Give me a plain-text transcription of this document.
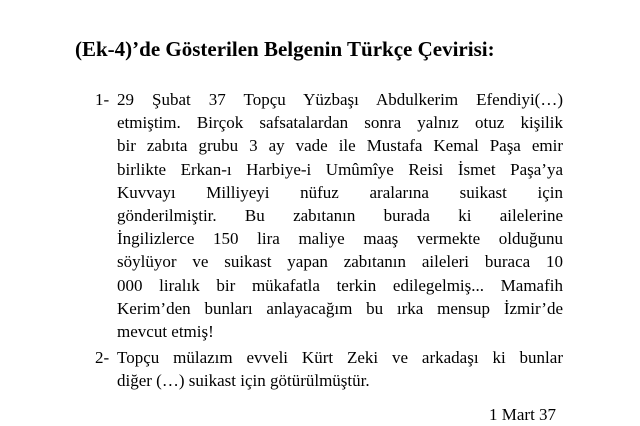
(Ek-4)’de Gösterilen Belgenin Türkçe Çevirisi:
1- 29 Şubat 37 Topçu Yüzbaşı Abdulkerim Efendiyi(…)
etmiştim. Birçok safsatalardan sonra yalnız otuz kişilik
bir zabıta grubu 3 ay vade ile Mustafa Kemal Paşa emir
birlikte Erkan-ı Harbiye-i Umûmîye Reisi İsmet Paşa’ya
Kuvvayı Milliyeyi nüfuz aralarına suikast için
gönderilmiştir. Bu zabıtanın burada ki ailelerine
İngilizlerce 150 lira maliye maaş vermekte olduğunu
söylüyor ve suikast yapan zabıtanın aileleri buraca 10
000 liralık bir mükafatla terkin edilegelmiş... Mamafih
Kerim’den bunları anlayacağım bu ırka mensup İzmir’de
mevcut etmiş!
2- Topçu mülazım evveli Kürt Zeki ve arkadaşı ki bunlar
diğer (…) suikast için götürülmüştür.
1 Mart 37
